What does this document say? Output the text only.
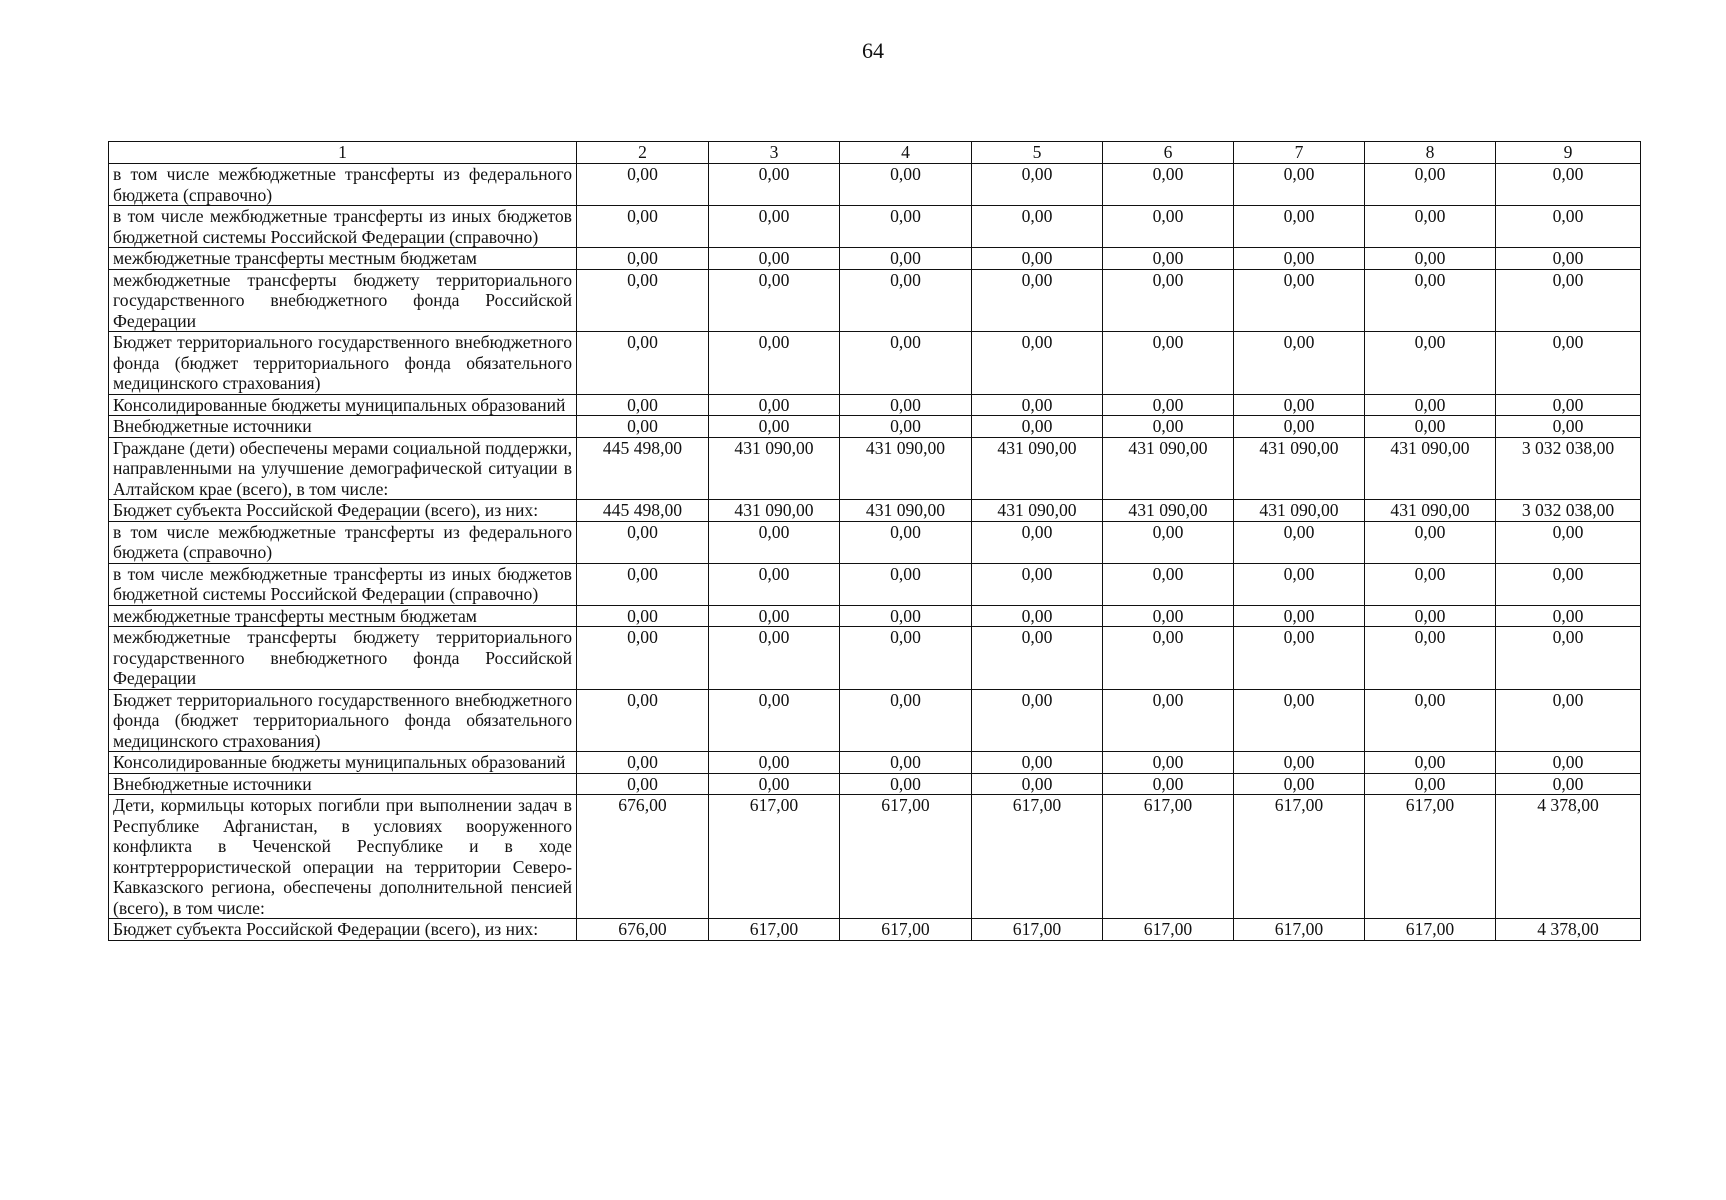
64
1	2	3	4	5	6	7	8	9
в том числе межбюджетные трансферты из федерального бюджета (справочно)	0,00	0,00	0,00	0,00	0,00	0,00	0,00	0,00
в том числе межбюджетные трансферты из иных бюджетов бюджетной системы Российской Федерации (справочно)	0,00	0,00	0,00	0,00	0,00	0,00	0,00	0,00
межбюджетные трансферты местным бюджетам	0,00	0,00	0,00	0,00	0,00	0,00	0,00	0,00
межбюджетные трансферты бюджету территориального государственного внебюджетного фонда Российской Федерации	0,00	0,00	0,00	0,00	0,00	0,00	0,00	0,00
Бюджет территориального государственного внебюджетного фонда (бюджет территориального фонда обязательного медицинского страхования)	0,00	0,00	0,00	0,00	0,00	0,00	0,00	0,00
Консолидированные бюджеты муниципальных образований	0,00	0,00	0,00	0,00	0,00	0,00	0,00	0,00
Внебюджетные источники	0,00	0,00	0,00	0,00	0,00	0,00	0,00	0,00
Граждане (дети) обеспечены мерами социальной поддержки, направленными на улучшение демографической ситуации в Алтайском крае (всего), в том числе:	445 498,00	431 090,00	431 090,00	431 090,00	431 090,00	431 090,00	431 090,00	3 032 038,00
Бюджет субъекта Российской Федерации (всего), из них:	445 498,00	431 090,00	431 090,00	431 090,00	431 090,00	431 090,00	431 090,00	3 032 038,00
в том числе межбюджетные трансферты из федерального бюджета (справочно)	0,00	0,00	0,00	0,00	0,00	0,00	0,00	0,00
в том числе межбюджетные трансферты из иных бюджетов бюджетной системы Российской Федерации (справочно)	0,00	0,00	0,00	0,00	0,00	0,00	0,00	0,00
межбюджетные трансферты местным бюджетам	0,00	0,00	0,00	0,00	0,00	0,00	0,00	0,00
межбюджетные трансферты бюджету территориального государственного внебюджетного фонда Российской Федерации	0,00	0,00	0,00	0,00	0,00	0,00	0,00	0,00
Бюджет территориального государственного внебюджетного фонда (бюджет территориального фонда обязательного медицинского страхования)	0,00	0,00	0,00	0,00	0,00	0,00	0,00	0,00
Консолидированные бюджеты муниципальных образований	0,00	0,00	0,00	0,00	0,00	0,00	0,00	0,00
Внебюджетные источники	0,00	0,00	0,00	0,00	0,00	0,00	0,00	0,00
Дети, кормильцы которых погибли при выполнении задач в Республике Афганистан, в условиях вооруженного конфликта в Чеченской Республике и в ходе контртеррористической операции на территории Северо-Кавказского региона, обеспечены дополнительной пенсией (всего), в том числе:	676,00	617,00	617,00	617,00	617,00	617,00	617,00	4 378,00
Бюджет субъекта Российской Федерации (всего), из них:	676,00	617,00	617,00	617,00	617,00	617,00	617,00	4 378,00
